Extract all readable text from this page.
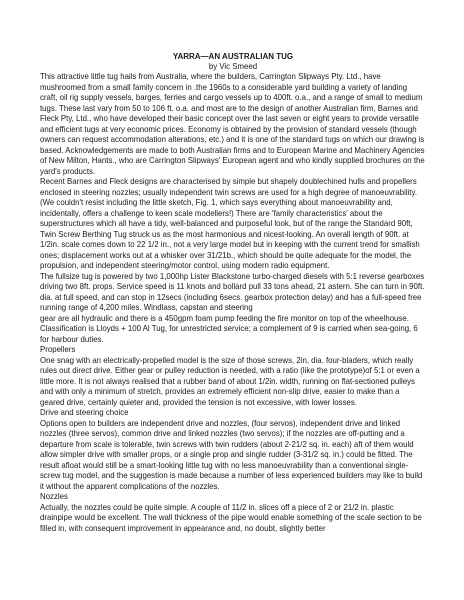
YARRA—AN AUSTRALIAN TUG

by Vic Smeed

This attractive little tug hails from Australia, where the builders, Carrington Slipways Pty. Ltd., have mushroomed from a small family concern in .the 1960s to a considerable yard building a variety of landing craft, oil rig supply vessels, barges, ferries and cargo vessels up to 400ft. o.a., and a range of small to medium tugs. These last vary from 50 to 106 ft. o.a. and most are to the design of another Australian firm, Barnes and Fleck Pty, Ltd., who have developed their basic concept over the last seven or eight years to provide versatile and efficient tugs at very economic prices. Economy is obtained by the provision of standard vessels (though owners can request accommodation alterations, etc.) and it is one of the standard tugs on which our drawing is based. Acknowledgements are made to both Australian firms and to European Marine and Machinery Agencies of New Milton, Hants., who are Carrington Slipways' European agent and who kindly supplied brochures on the yard's products.

Recent Barnes and Fleck designs are characterised by simple but shapely doublechined hulls and propellers enclosed in steering nozzles; usually independent twin screws are used for a high degree of manoeuvrability. (We couldn't resist including the little sketch, Fig. 1, which says everything about manoeuvrability and, incidentally, offers a challenge to keen scale modellers!) There are 'family characteristics' about the superstructures which all have a tidy, well-balanced and purposeful look, but of the range the Standard 90ft, Twin Screw Berthing Tug struck us as the most harmonious and nicest-looking. An overall length of 90ft. at 1/2in. scale comes down to 22 1/2 in., not a very large model but in keeping with the current trend for smallish ones; displacement works out at a whisker over 31/21b., which should be quite adequate for the model, the propulsion, and independent steering/motor control, using modern radio equipment.

The fullsize tug is powered by two 1,000hp Lister Blackstone turbo-charged diesels with 5:1 reverse gearboxes driving two 8ft. props. Service speed is 11 knots and bollard pull 33 tons ahead, 21 astern. She can turn in 90ft. dia. at full speed, and can stop in 12secs (including 6secs. gearbox protection delay) and has a full-speed free running range of 4,200 miles. Windlass, capstan and steering

gear are all hydraulic and there is a 450gpm foam pump feeding the fire monitor on top of the wheelhouse. Classification is Lloyds + 100 Al Tug, for unrestricted service; a complement of 9 is carried when sea-going, 6 for harbour duties.

Propellers

One snag with an electrically-propelled model is the size of those screws, 2in, dia. four-bladers, which really rules out direct drive. Either gear or pulley reduction is needed, with a ratio (like the prototype)of 5:1 or even a little more. It is not always realised that a rubber band of about 1/2in. width, running on flat-sectioned pulleys and with only a minimum of stretch, provides an extremely efficient non-slip drive, easier to make than a geared drive, certainly quieter and, provided the tension is not excessive, with lower losses.

Drive and steering choice

Options open to builders are independent drive and nozzles, (four servos), independent drive and linked nozzles (three servos), common drive and linked nozzles (two servos); if the nozzles are off-putting and a departure from scale is tolerable, twin screws with twin rudders (about 2-21/2 sq. in. each) aft of them would allow simpler drive with smaller props, or a single prop and single rudder (3-31/2 sq. in.) could be fitted. The result afloat would still be a smart-looking little tug with no less manoeuvrability than a conventional single-screw tug model, and the suggestion is made because a number of less experienced builders may like to build it without the apparent complications of the nozzles.

Nozzles

Actually, the nozzles could be quite simple. A couple of 11/2 in. slices off a piece of 2 or 21/2 in. plastic drainpipe would be excellent. The wall thickness of the pipe would enable something of the scale section to be filled in, with consequent improvement in appearance and, no doubt, slightly better
